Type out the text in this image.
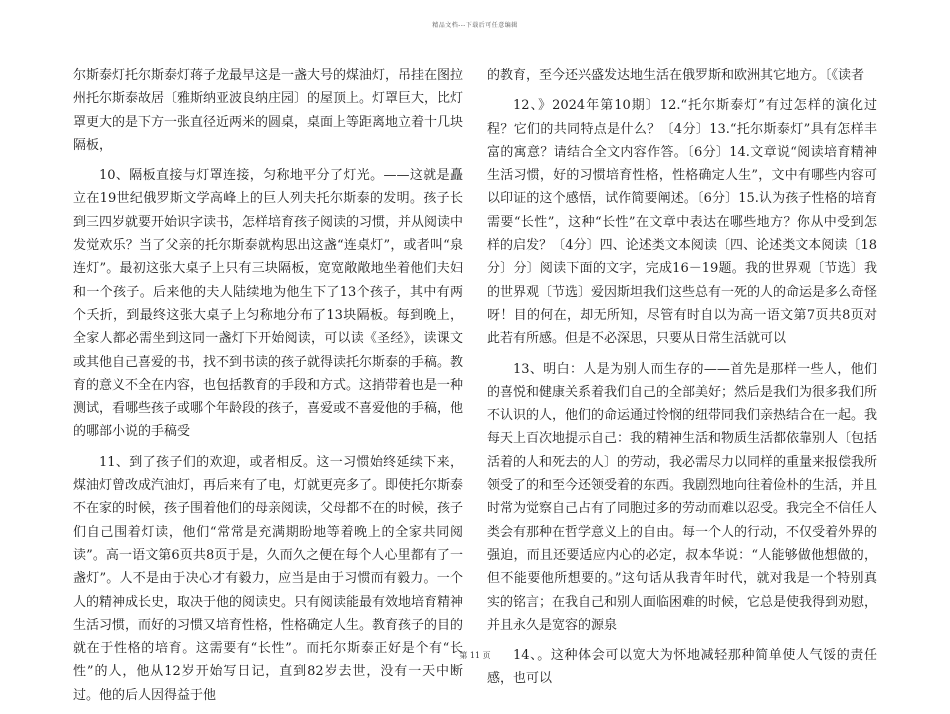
精品文档---下载后可任意编辑

尔斯泰灯托尔斯泰灯蒋子龙最早这是一盏大号的煤油灯，吊挂在图拉州托尔斯泰故居〔雅斯纳亚波良纳庄园〕的屋顶上。灯罩巨大，比灯罩更大的是下方一张直径近两米的圆桌，桌面上等距离地立着十几块隔板，

10、隔板直接与灯罩连接，匀称地平分了灯光。——这就是矗立在19世纪俄罗斯文学高峰上的巨人列夫托尔斯泰的发明。孩子长到三四岁就要开始识字读书，怎样培育孩子阅读的习惯，并从阅读中发觉欢乐？当了父亲的托尔斯泰就构思出这盏“连桌灯”，或者叫“泉连灯”。最初这张大桌子上只有三块隔板，宽宽敞敞地坐着他们夫妇和一个孩子。后来他的夫人陆续地为他生下了13个孩子，其中有两个夭折，到最终这张大桌子上匀称地分布了13块隔板。每到晚上，全家人都必需坐到这同一盏灯下开始阅读，可以读《圣经》，读课文或其他自己喜爱的书，找不到书读的孩子就得读托尔斯泰的手稿。教育的意义不全在内容，也包括教育的手段和方式。这捎带着也是一种测试，看哪些孩子或哪个年龄段的孩子，喜爱或不喜爱他的手稿，他的哪部小说的手稿受

11、到了孩子们的欢迎，或者相反。这一习惯始终延续下来，煤油灯曾改成汽油灯，再后来有了电，灯就更亮多了。即使托尔斯泰不在家的时候，孩子围着他们的母亲阅读，父母都不在的时候，孩子们自己围着灯读，他们“常常是充满期盼地等着晚上的全家共同阅读”。高一语文第6页共8页于是，久而久之便在每个人心里都有了一盏灯”。人不是由于决心才有毅力，应当是由于习惯而有毅力。一个人的精神成长史，取决于他的阅读史。只有阅读能最有效地培育精神生活习惯，而好的习惯又培育性格，性格确定人生。教育孩子的目的就在于性格的培育。这需要有“长性”。而托尔斯泰正好是个有“长性”的人，他从12岁开始写日记，直到82岁去世，没有一天中断过。他的后人因得益于他

的教育，至今还兴盛发达地生活在俄罗斯和欧洲其它地方。〔《读者

12、》2024年第10期〕12.“托尔斯泰灯”有过怎样的演化过程？它们的共同特点是什么？〔4分〕13.“托尔斯泰灯”具有怎样丰富的寓意？请结合全文内容作答。〔6分〕14.文章说“阅读培育精神生活习惯，好的习惯培育性格，性格确定人生”，文中有哪些内容可以印证的这个感悟，试作简要阐述。〔6分〕15.认为孩子性格的培育需要“长性”，这种“长性”在文章中表达在哪些地方？你从中受到怎样的启发？〔4分〕四、论述类文本阅读〔四、论述类文本阅读〔18分〕分〕阅读下面的文字，完成16－19题。我的世界观〔节选〕我的世界观〔节选〕爱因斯坦我们这些总有一死的人的命运是多么奇怪呀！目的何在，却无所知，尽管有时自以为高一语文第7页共8页对此若有所感。但是不必深思，只要从日常生活就可以

13、明白：人是为别人而生存的——首先是那样一些人，他们的喜悦和健康关系着我们自己的全部美好；然后是我们为很多我们所不认识的人，他们的命运通过怜悯的纽带同我们亲热结合在一起。我每天上百次地提示自己：我的精神生活和物质生活都依靠别人〔包括活着的人和死去的人〕的劳动，我必需尽力以同样的重量来报偿我所领受了的和至今还领受着的东西。我剧烈地向往着俭朴的生活，并且时常为觉察自己占有了同胞过多的劳动而难以忍受。我完全不信任人类会有那种在哲学意义上的自由。每一个人的行动，不仅受着外界的强迫，而且还要适应内心的必定，叔本华说：“人能够做他想做的，但不能要他所想要的。”这句话从我青年时代，就对我是一个特别真实的铭言；在我自己和别人面临困难的时候，它总是使我得到劝慰，并且永久是宽容的源泉

14、。这种体会可以宽大为怀地减轻那种简单使人气馁的责任感，也可以

第 11 页
